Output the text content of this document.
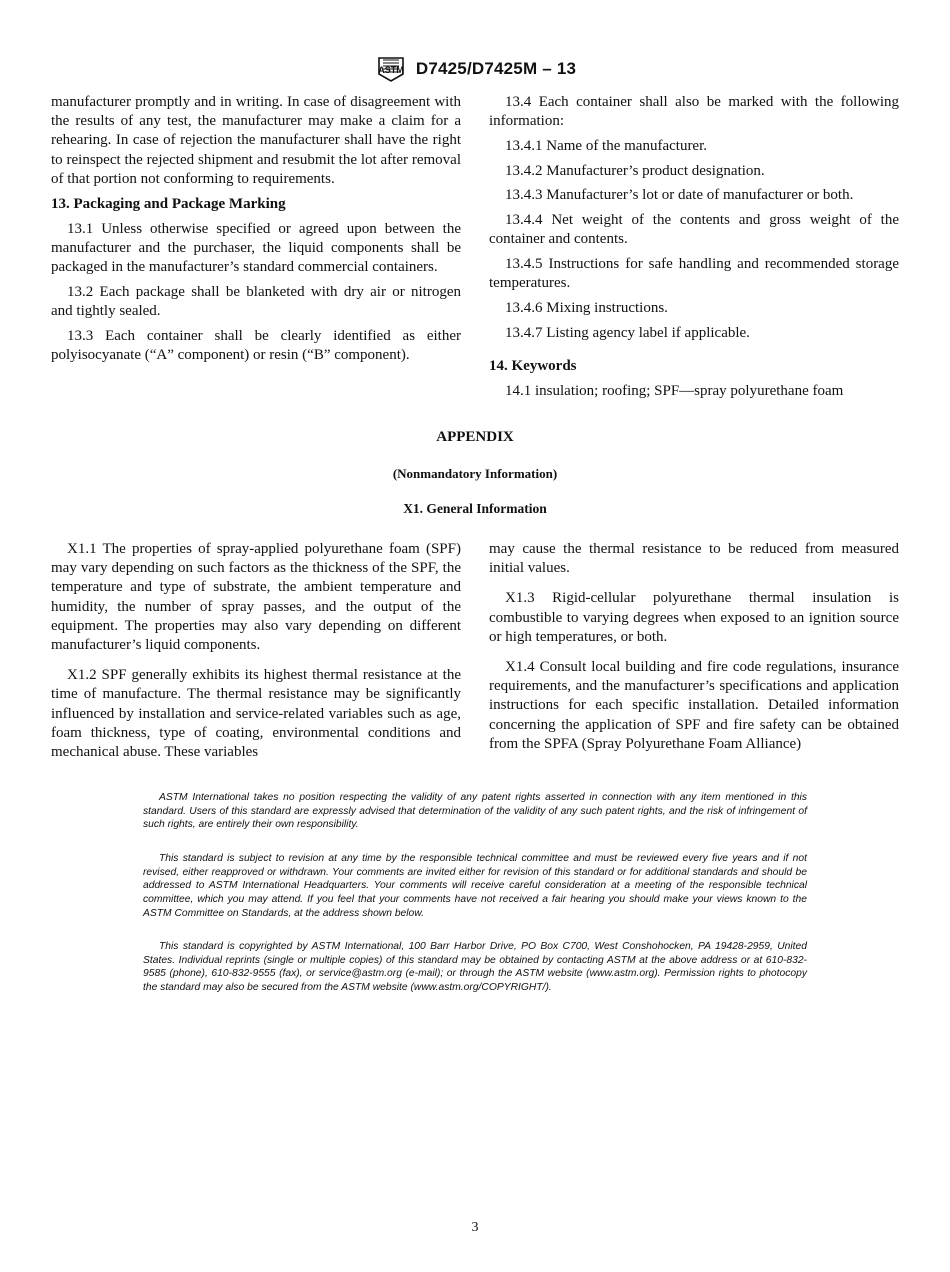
ASTM D7425/D7425M – 13

manufacturer promptly and in writing. In case of disagreement with the results of any test, the manufacturer may make a claim for a rehearing. In case of rejection the manufacturer shall have the right to reinspect the rejected shipment and resubmit the lot after removal of that portion not conforming to requirements.

13. Packaging and Package Marking

13.1 Unless otherwise specified or agreed upon between the manufacturer and the purchaser, the liquid components shall be packaged in the manufacturer’s standard commercial containers.

13.2 Each package shall be blanketed with dry air or nitrogen and tightly sealed.

13.3 Each container shall be clearly identified as either polyisocyanate (“A” component) or resin (“B” component).

13.4 Each container shall also be marked with the following information:

13.4.1 Name of the manufacturer.

13.4.2 Manufacturer’s product designation.

13.4.3 Manufacturer’s lot or date of manufacturer or both.

13.4.4 Net weight of the contents and gross weight of the container and contents.

13.4.5 Instructions for safe handling and recommended storage temperatures.

13.4.6 Mixing instructions.

13.4.7 Listing agency label if applicable.

14. Keywords

14.1 insulation; roofing; SPF—spray polyurethane foam

APPENDIX
(Nonmandatory Information)
X1. General Information

X1.1 The properties of spray-applied polyurethane foam (SPF) may vary depending on such factors as the thickness of the SPF, the temperature and type of substrate, the ambient temperature and humidity, the number of spray passes, and the output of the equipment. The properties may also vary depending on different manufacturer’s liquid components.

X1.2 SPF generally exhibits its highest thermal resistance at the time of manufacture. The thermal resistance may be significantly influenced by installation and service-related variables such as age, foam thickness, type of coating, environmental conditions and mechanical abuse. These variables

may cause the thermal resistance to be reduced from measured initial values.

X1.3 Rigid-cellular polyurethane thermal insulation is combustible to varying degrees when exposed to an ignition source or high temperatures, or both.

X1.4 Consult local building and fire code regulations, insurance requirements, and the manufacturer’s specifications and application instructions for each specific installation. Detailed information concerning the application of SPF and fire safety can be obtained from the SPFA (Spray Polyurethane Foam Alliance)

ASTM International takes no position respecting the validity of any patent rights asserted in connection with any item mentioned in this standard. Users of this standard are expressly advised that determination of the validity of any such patent rights, and the risk of infringement of such rights, are entirely their own responsibility.

This standard is subject to revision at any time by the responsible technical committee and must be reviewed every five years and if not revised, either reapproved or withdrawn. Your comments are invited either for revision of this standard or for additional standards and should be addressed to ASTM International Headquarters. Your comments will receive careful consideration at a meeting of the responsible technical committee, which you may attend. If you feel that your comments have not received a fair hearing you should make your views known to the ASTM Committee on Standards, at the address shown below.

This standard is copyrighted by ASTM International, 100 Barr Harbor Drive, PO Box C700, West Conshohocken, PA 19428-2959, United States. Individual reprints (single or multiple copies) of this standard may be obtained by contacting ASTM at the above address or at 610-832-9585 (phone), 610-832-9555 (fax), or service@astm.org (e-mail); or through the ASTM website (www.astm.org). Permission rights to photocopy the standard may also be secured from the ASTM website (www.astm.org/COPYRIGHT/).

3
